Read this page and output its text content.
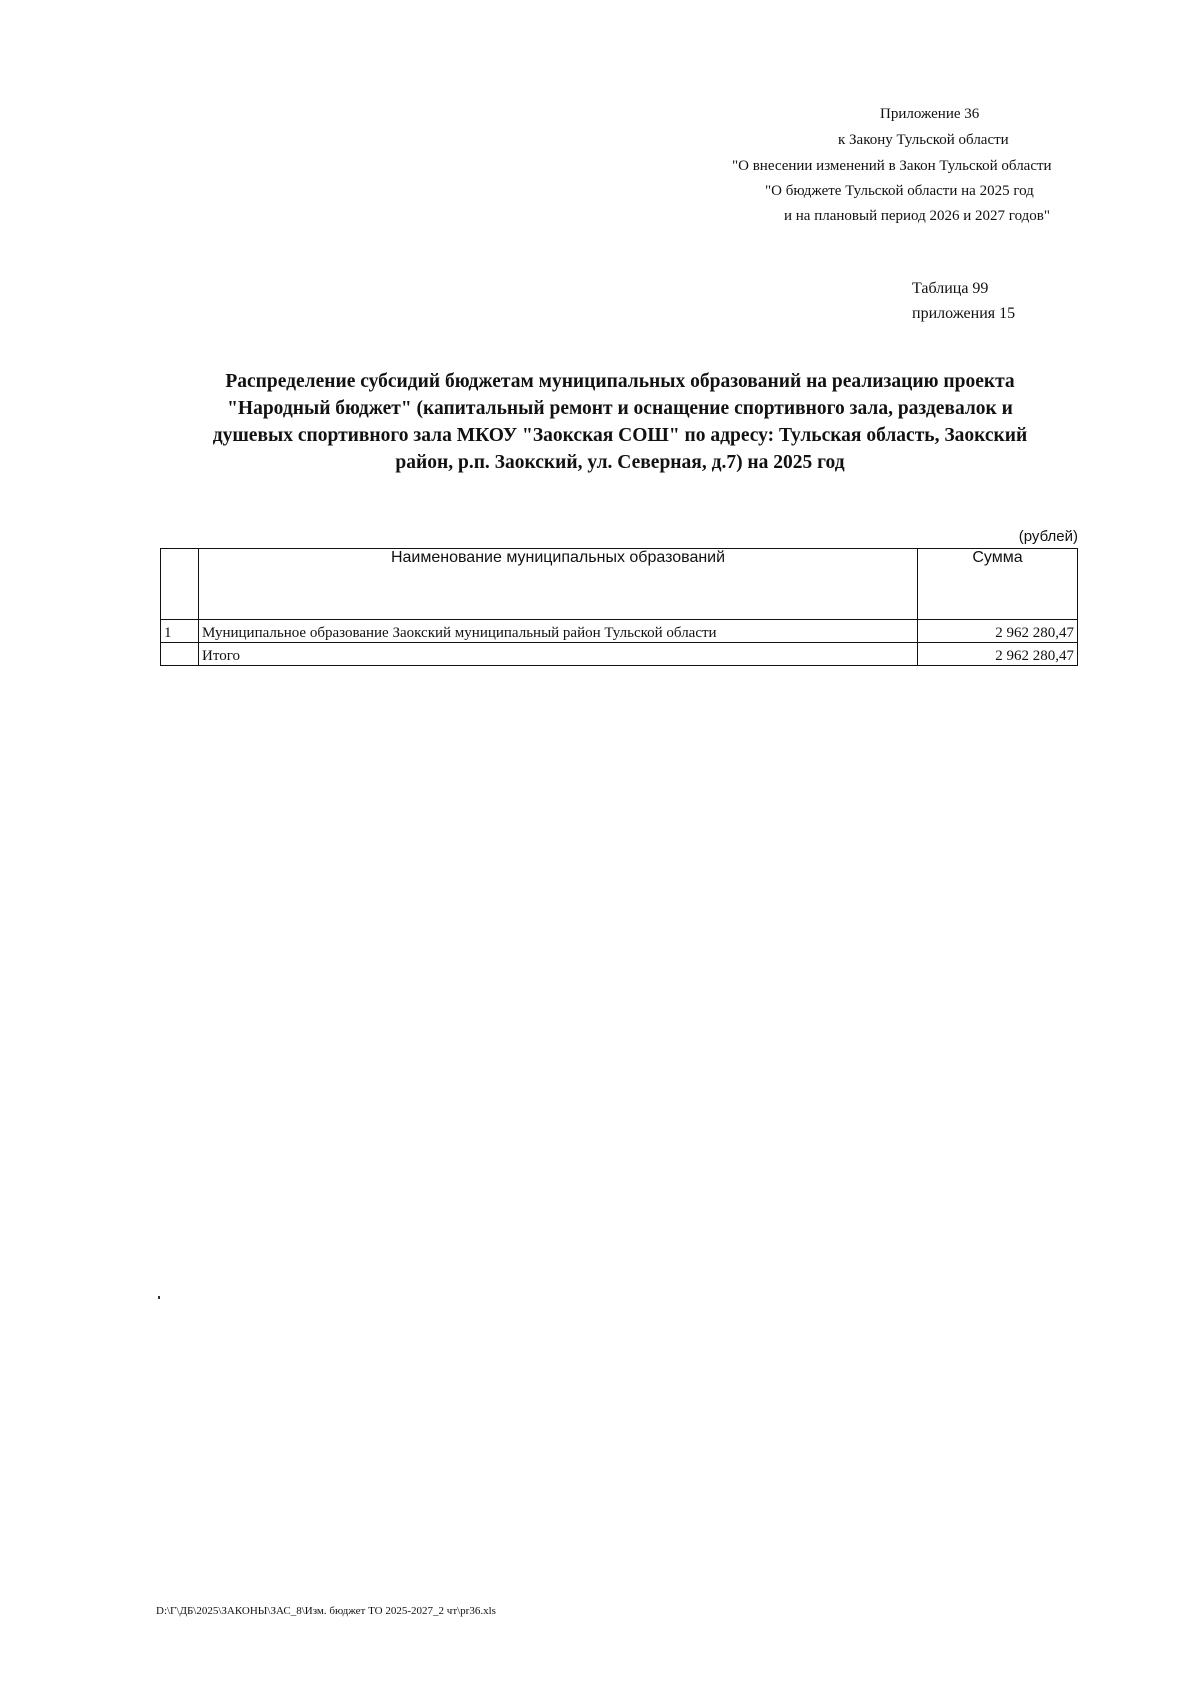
Приложение 36
к Закону Тульской области
"О внесении изменений в Закон Тульской области
"О бюджете Тульской области на 2025 год
и на плановый период 2026 и 2027 годов"
Таблица 99
приложения 15
Распределение субсидий бюджетам муниципальных образований на реализацию проекта
"Народный бюджет" (капитальный ремонт и оснащение спортивного зала, раздевалок и
душевых спортивного зала МКОУ "Заокская СОШ" по адресу: Тульская область, Заокский
район, р.п. Заокский, ул. Северная, д.7) на 2025 год
(рублей)
	Наименование муниципальных образований	Сумма
1	Муниципальное образование Заокский муниципальный район Тульской области	2 962 280,47
	Итого	2 962 280,47
D:\Г\ДБ\2025\ЗАКОНЫ\ЗАС_8\Изм. бюджет ТО 2025-2027_2 чт\pr36.xls
